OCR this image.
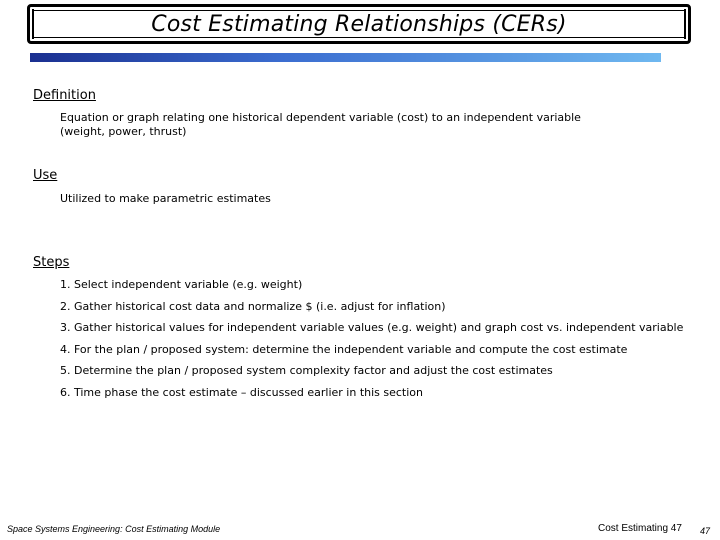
Cost Estimating Relationships (CERs)
Definition
Equation or graph relating one historical dependent variable (cost) to an independent variable
(weight, power, thrust)
Use
Utilized to make parametric estimates
Steps
1. Select independent variable (e.g. weight)
2. Gather historical cost data and normalize $ (i.e. adjust for inflation)
3. Gather historical values for independent variable values (e.g. weight) and graph cost vs. independent variable
4. For the plan / proposed system: determine the independent variable and compute the cost estimate
5. Determine the plan / proposed system complexity factor and adjust the cost estimates
6. Time phase the cost estimate – discussed earlier in this section
Space Systems Engineering: Cost Estimating Module	Cost Estimating 47 47
